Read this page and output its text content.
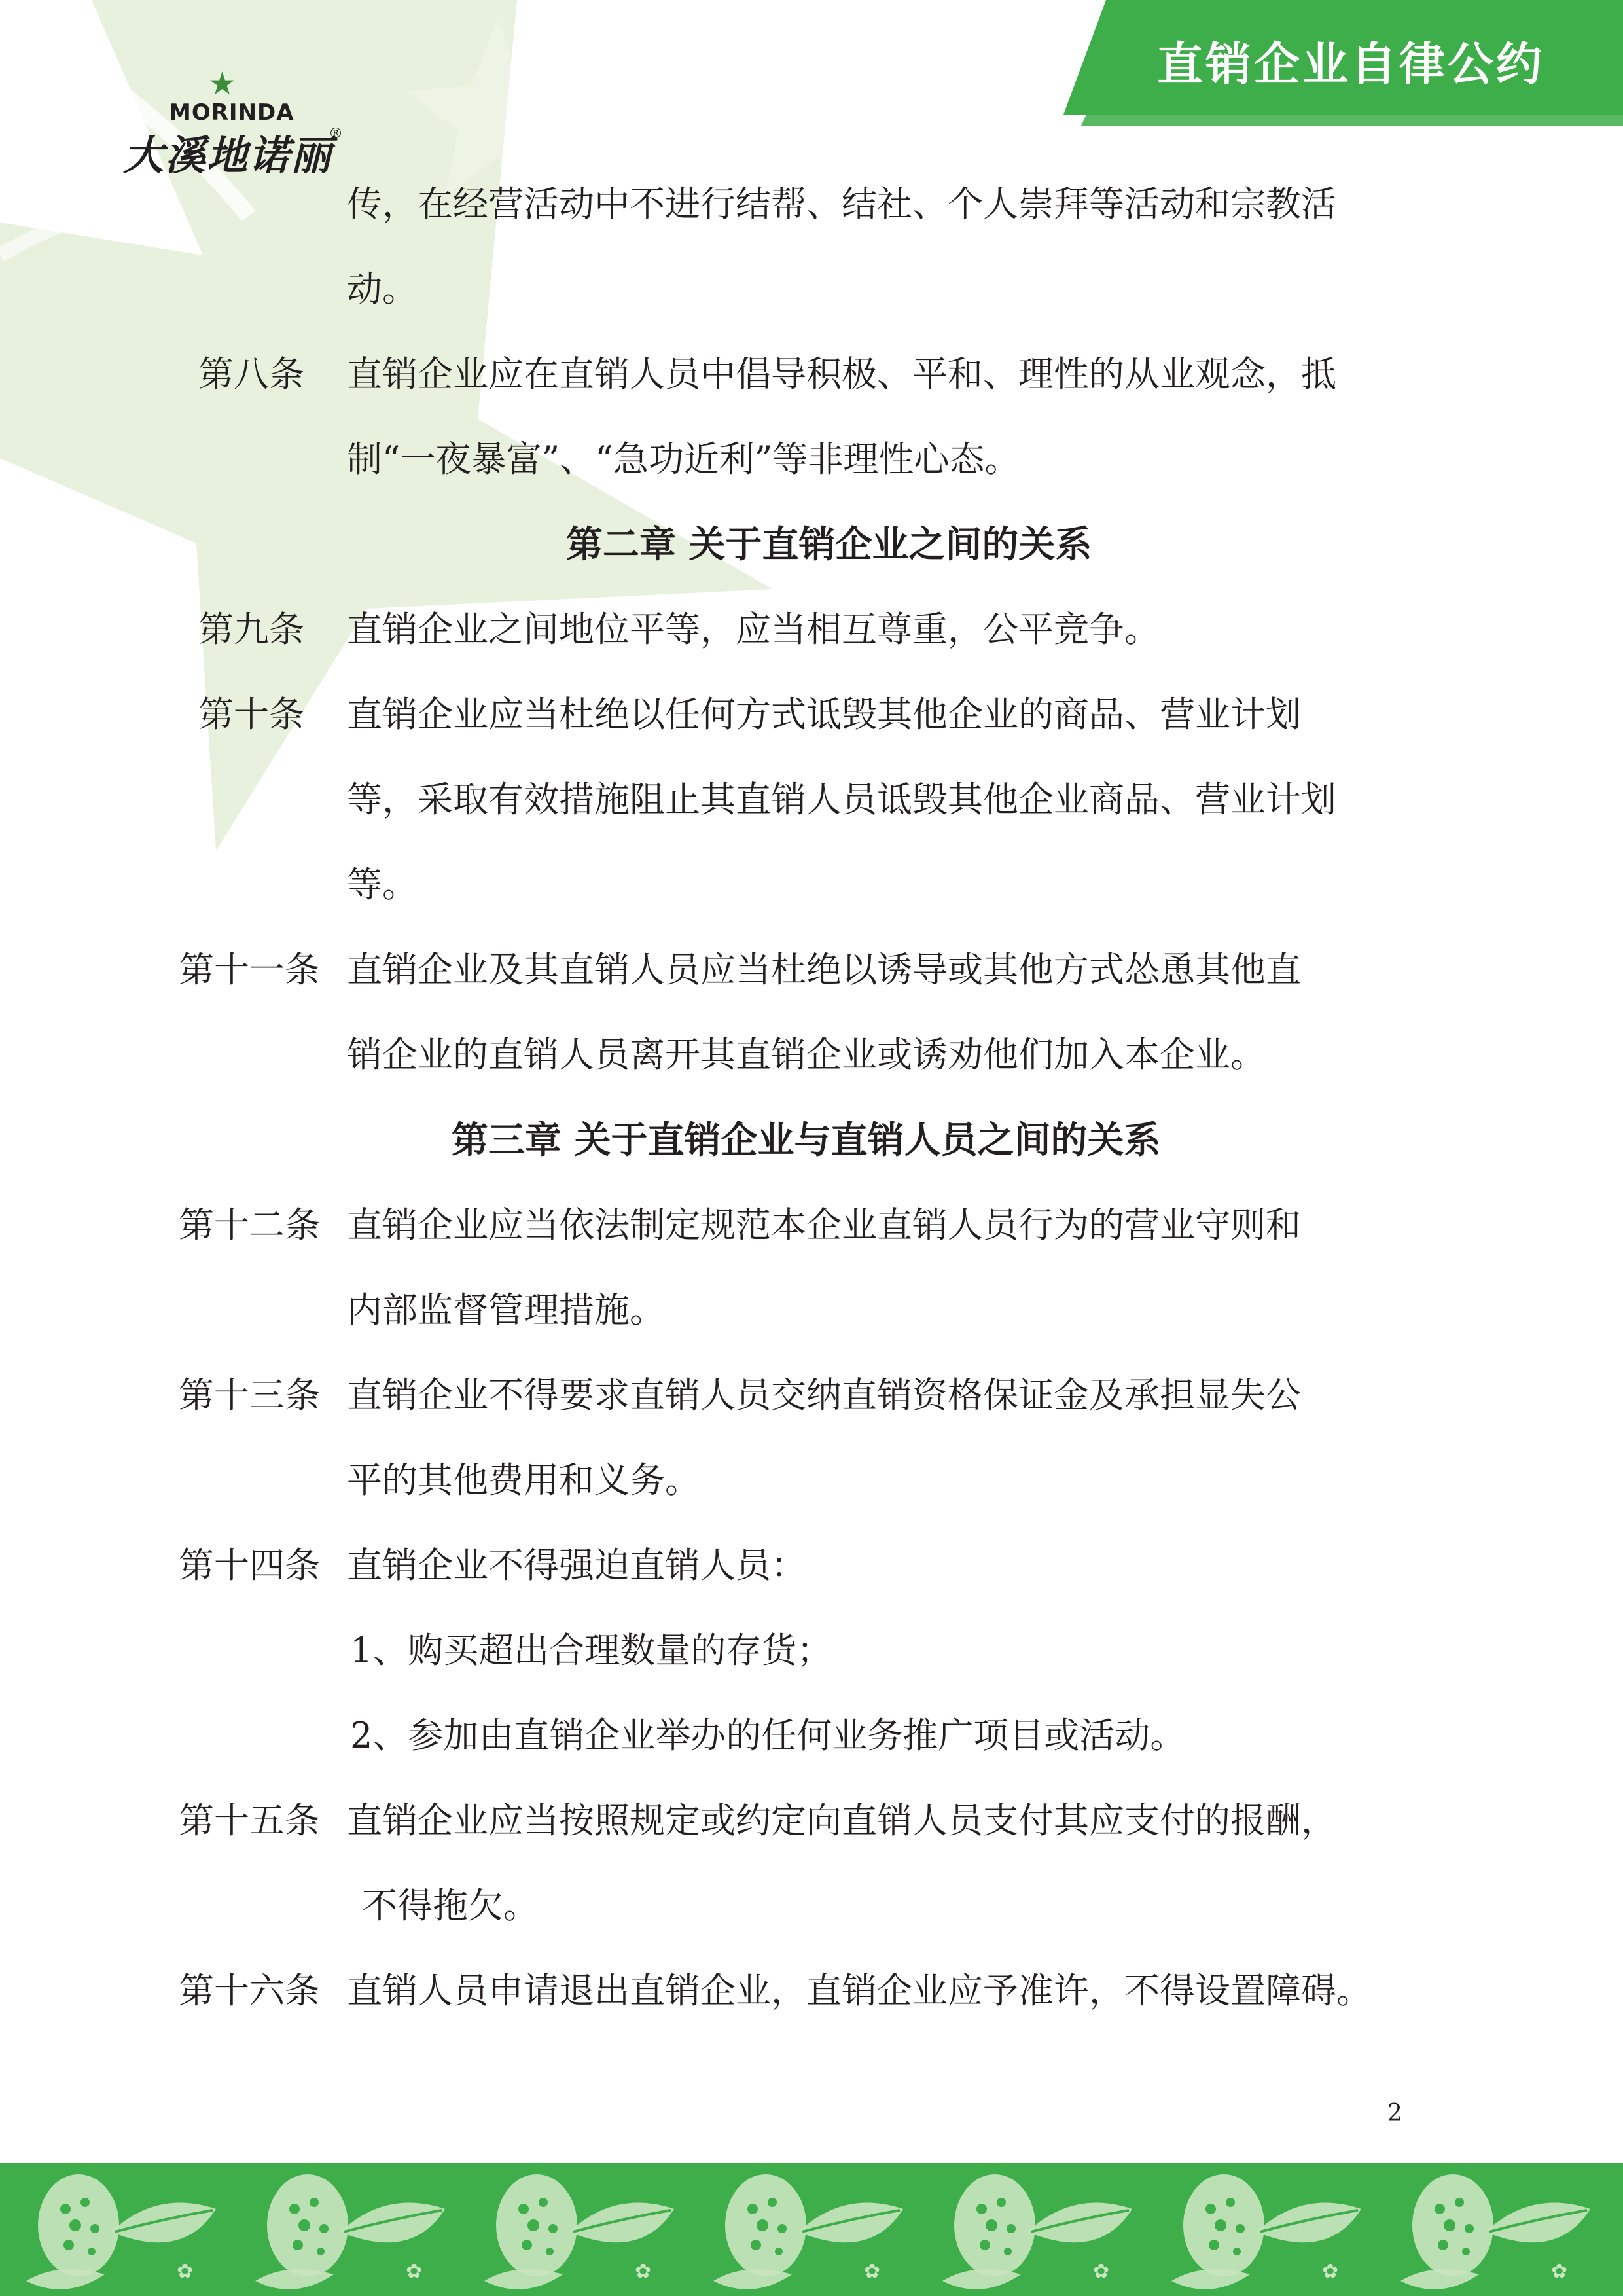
直销企业自律公约
★
MORINDA
大溪地诺丽
®
传，在经营活动中不进行结帮、结社、个人崇拜等活动和宗教活
动。
第八条 直销企业应在直销人员中倡导积极、平和、理性的从业观念，抵
制“一夜暴富”、“急功近利”等非理性心态。
第二章 关于直销企业之间的关系
第九条 直销企业之间地位平等，应当相互尊重，公平竞争。
第十条 直销企业应当杜绝以任何方式诋毁其他企业的商品、营业计划
等，采取有效措施阻止其直销人员诋毁其他企业商品、营业计划
等。
第十一条 直销企业及其直销人员应当杜绝以诱导或其他方式怂恿其他直
销企业的直销人员离开其直销企业或诱劝他们加入本企业。
第三章 关于直销企业与直销人员之间的关系
第十二条 直销企业应当依法制定规范本企业直销人员行为的营业守则和
内部监督管理措施。
第十三条 直销企业不得要求直销人员交纳直销资格保证金及承担显失公
平的其他费用和义务。
第十四条 直销企业不得强迫直销人员：
1、购买超出合理数量的存货；
2、参加由直销企业举办的任何业务推广项目或活动。
第十五条 直销企业应当按照规定或约定向直销人员支付其应支付的报酬，
不得拖欠。
第十六条 直销人员申请退出直销企业，直销企业应予准许，不得设置障碍。
2
